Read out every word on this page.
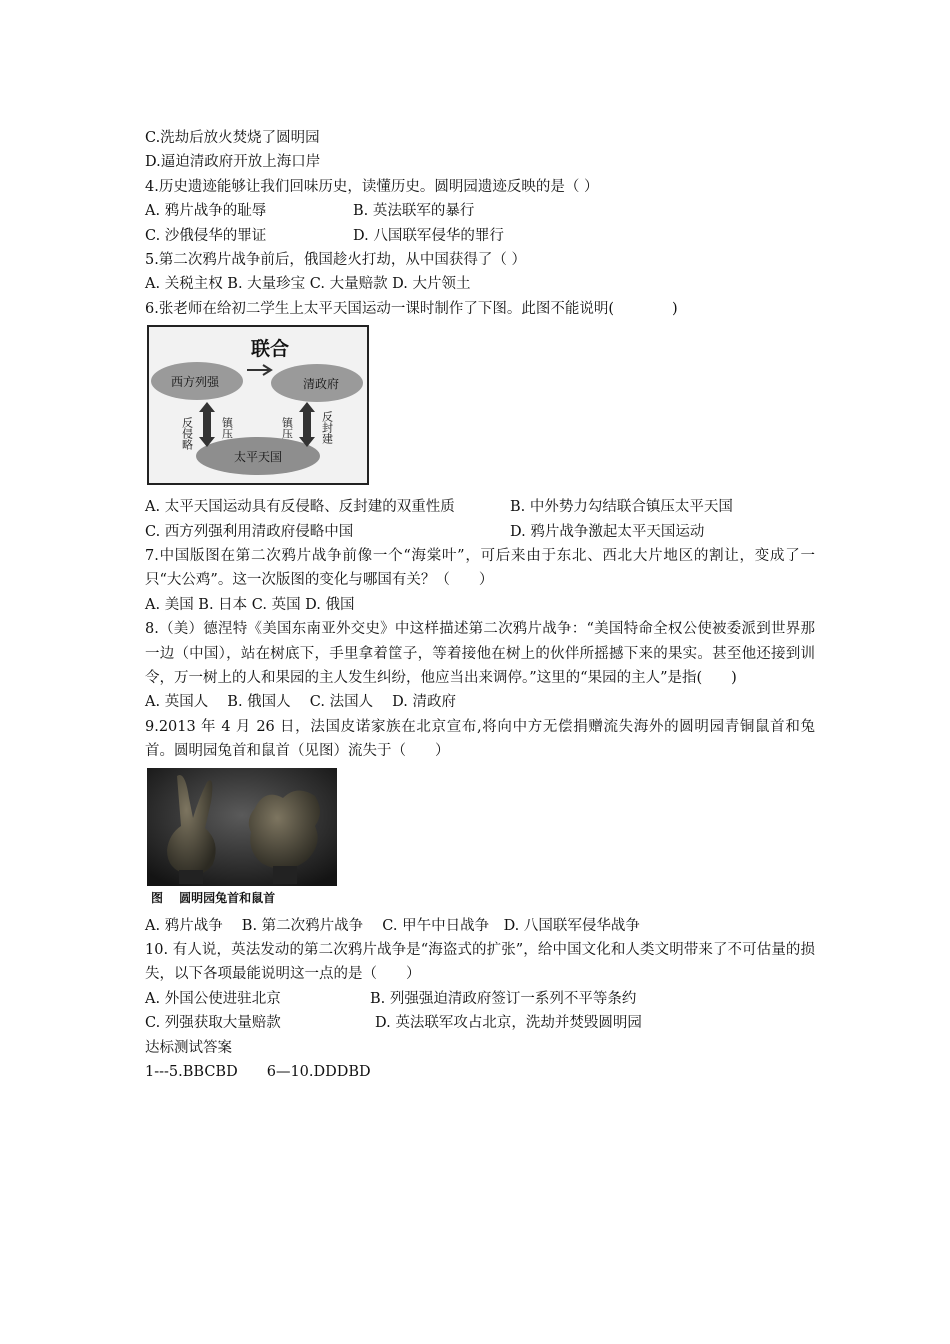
C.洗劫后放火焚烧了圆明园
D.逼迫清政府开放上海口岸
4.历史遗迹能够让我们回味历史，读懂历史。圆明园遗迹反映的是（ ）
A. 鸦片战争的耻辱	B. 英法联军的暴行
C. 沙俄侵华的罪证	D. 八国联军侵华的罪行
5.第二次鸦片战争前后，俄国趁火打劫，从中国获得了（ ）
A. 关税主权 B. 大量珍宝 C. 大量赔款 D. 大片领土
6.张老师在给初二学生上太平天国运动一课时制作了下图。此图不能说明(　　　　)
联合
西方列强	清政府
太平天国
反侵略 镇压	镇压 反封建
A. 太平天国运动具有反侵略、反封建的双重性质	B. 中外势力勾结联合镇压太平天国
C. 西方列强利用清政府侵略中国	D. 鸦片战争激起太平天国运动
7.中国版图在第二次鸦片战争前像一个“海棠叶”，可后来由于东北、西北大片地区的割让，变成了一只“大公鸡”。这一次版图的变化与哪国有关？（　　）
A. 美国 B. 日本 C. 英国 D. 俄国
8.（美）德涅特《美国东南亚外交史》中这样描述第二次鸦片战争：“美国特命全权公使被委派到世界那一边（中国），站在树底下，手里拿着筐子，等着接他在树上的伙伴所摇撼下来的果实。甚至他还接到训令，万一树上的人和果园的主人发生纠纷，他应当出来调停。”这里的“果园的主人”是指(　　)
A. 英国人　 B. 俄国人　 C. 法国人　 D. 清政府
9.2013 年 4 月 26 日，法国皮诺家族在北京宣布,将向中方无偿捐赠流失海外的圆明园青铜鼠首和兔首。圆明园兔首和鼠首（见图）流失于（　　）
图　 圆明园兔首和鼠首
A. 鸦片战争　 B. 第二次鸦片战争　 C. 甲午中日战争　D. 八国联军侵华战争
10. 有人说，英法发动的第二次鸦片战争是“海盗式的扩张”，给中国文化和人类文明带来了不可估量的损失，以下各项最能说明这一点的是（　　）
A. 外国公使进驻北京	B. 列强强迫清政府签订一系列不平等条约
C. 列强获取大量赔款	D. 英法联军攻占北京，洗劫并焚毁圆明园
达标测试答案
1---5.BBCBD　　6—10.DDDBD
